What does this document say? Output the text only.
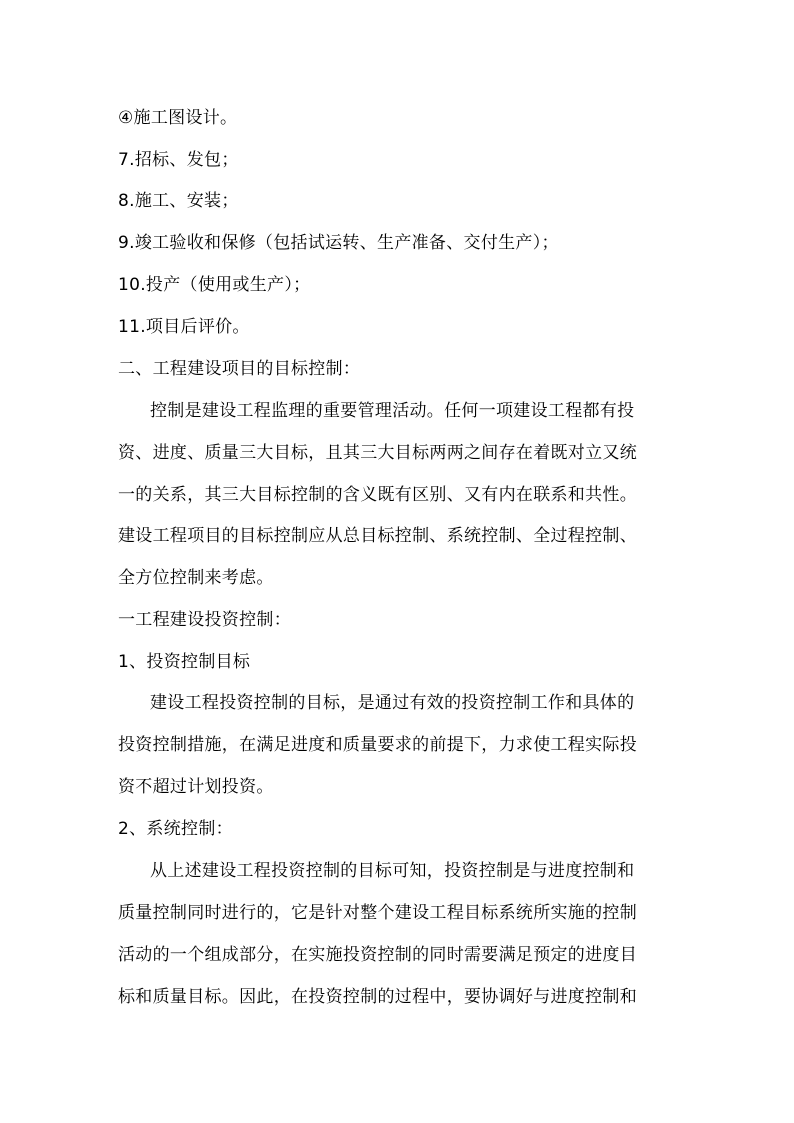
④施工图设计。
7.招标、发包；
8.施工、安装；
9.竣工验收和保修（包括试运转、生产准备、交付生产）；
10.投产（使用或生产）；
11.项目后评价。
二、工程建设项目的目标控制：
控制是建设工程监理的重要管理活动。任何一项建设工程都有投
资、进度、质量三大目标，且其三大目标两两之间存在着既对立又统
一的关系，其三大目标控制的含义既有区别、又有内在联系和共性。
建设工程项目的目标控制应从总目标控制、系统控制、全过程控制、
全方位控制来考虑。
一工程建设投资控制：
1、投资控制目标
建设工程投资控制的目标，是通过有效的投资控制工作和具体的
投资控制措施，在满足进度和质量要求的前提下，力求使工程实际投
资不超过计划投资。
2、系统控制：
从上述建设工程投资控制的目标可知，投资控制是与进度控制和
质量控制同时进行的，它是针对整个建设工程目标系统所实施的控制
活动的一个组成部分，在实施投资控制的同时需要满足预定的进度目
标和质量目标。因此，在投资控制的过程中，要协调好与进度控制和
